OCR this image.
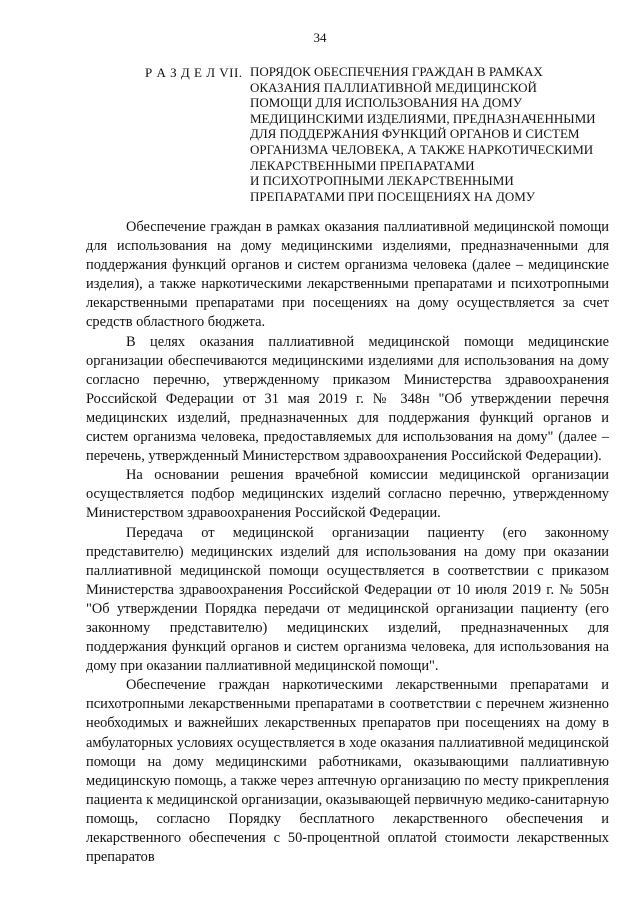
34
Р А З Д Е Л VII. ПОРЯДОК ОБЕСПЕЧЕНИЯ ГРАЖДАН В РАМКАХ
ОКАЗАНИЯ ПАЛЛИАТИВНОЙ МЕДИЦИНСКОЙ
ПОМОЩИ ДЛЯ ИСПОЛЬЗОВАНИЯ НА ДОМУ
МЕДИЦИНСКИМИ ИЗДЕЛИЯМИ, ПРЕДНАЗНАЧЕННЫМИ
ДЛЯ ПОДДЕРЖАНИЯ ФУНКЦИЙ ОРГАНОВ И СИСТЕМ
ОРГАНИЗМА ЧЕЛОВЕКА, А ТАКЖЕ НАРКОТИЧЕСКИМИ
ЛЕКАРСТВЕННЫМИ ПРЕПАРАТАМИ
И ПСИХОТРОПНЫМИ ЛЕКАРСТВЕННЫМИ
ПРЕПАРАТАМИ ПРИ ПОСЕЩЕНИЯХ НА ДОМУ

Обеспечение граждан в рамках оказания паллиативной медицинской помощи для использования на дому медицинскими изделиями, предназначенными для поддержания функций органов и систем организма человека (далее – медицинские изделия), а также наркотическими лекарственными препаратами и психотропными лекарственными препаратами при посещениях на дому осуществляется за счет средств областного бюджета.

В целях оказания паллиативной медицинской помощи медицинские организации обеспечиваются медицинскими изделиями для использования на дому согласно перечню, утвержденному приказом Министерства здравоохранения Российской Федерации от 31 мая 2019 г. № 348н "Об утверждении перечня медицинских изделий, предназначенных для поддержания функций органов и систем организма человека, предоставляемых для использования на дому" (далее – перечень, утвержденный Министерством здравоохранения Российской Федерации).

На основании решения врачебной комиссии медицинской организации осуществляется подбор медицинских изделий согласно перечню, утвержденному Министерством здравоохранения Российской Федерации.

Передача от медицинской организации пациенту (его законному представителю) медицинских изделий для использования на дому при оказании паллиативной медицинской помощи осуществляется в соответствии с приказом Министерства здравоохранения Российской Федерации от 10 июля 2019 г. № 505н "Об утверждении Порядка передачи от медицинской организации пациенту (его законному представителю) медицинских изделий, предназначенных для поддержания функций органов и систем организма человека, для использования на дому при оказании паллиативной медицинской помощи".

Обеспечение граждан наркотическими лекарственными препаратами и психотропными лекарственными препаратами в соответствии с перечнем жизненно необходимых и важнейших лекарственных препаратов при посещениях на дому в амбулаторных условиях осуществляется в ходе оказания паллиативной медицинской помощи на дому медицинскими работниками, оказывающими паллиативную медицинскую помощь, а также через аптечную организацию по месту прикрепления пациента к медицинской организации, оказывающей первичную медико-санитарную помощь, согласно Порядку бесплатного лекарственного обеспечения и лекарственного обеспечения с 50-процентной оплатой стоимости лекарственных препаратов
